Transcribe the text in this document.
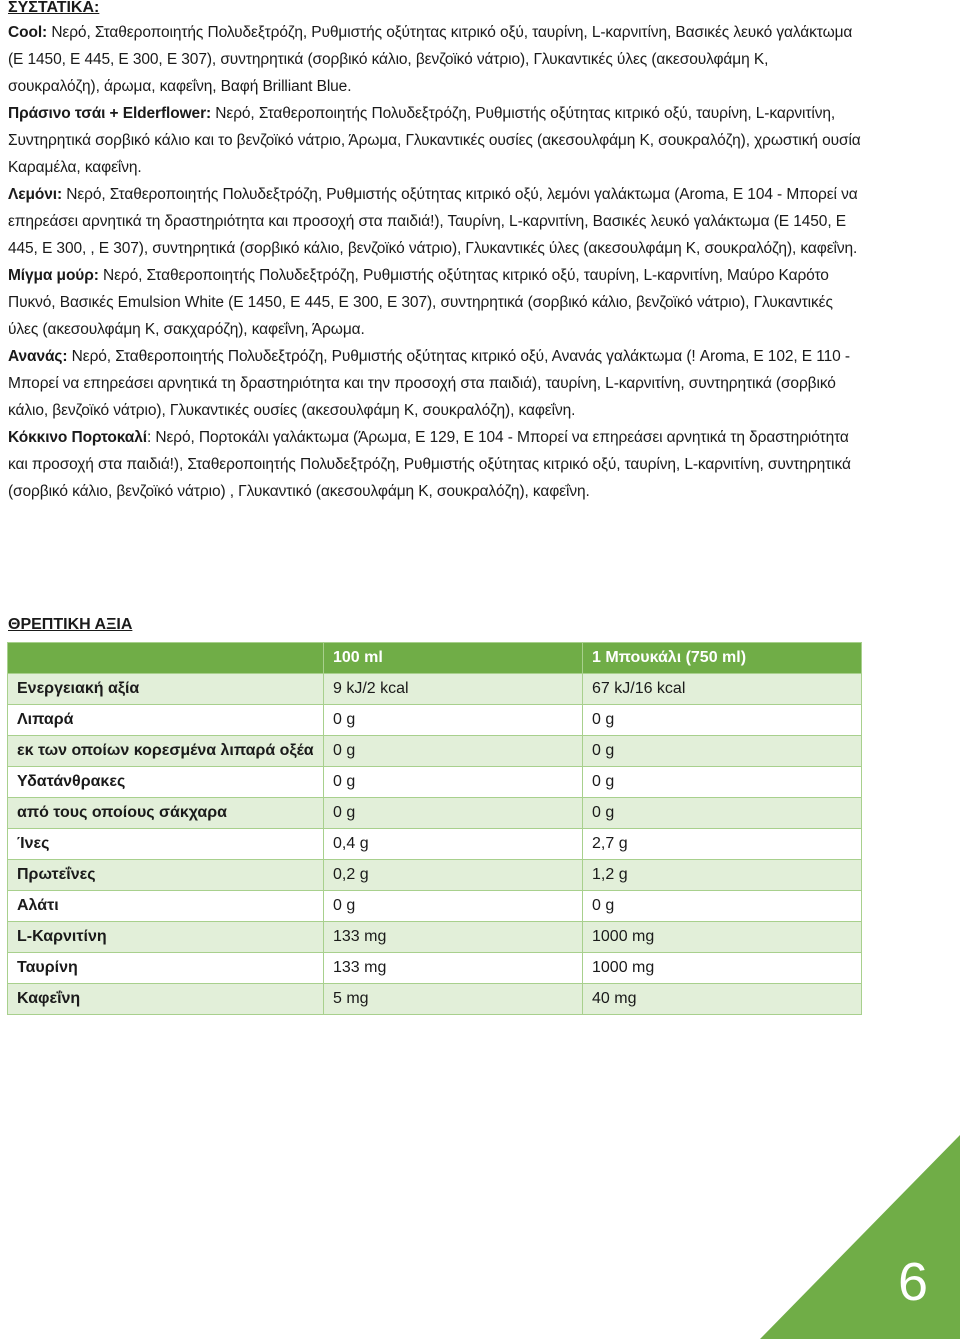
ΣΥΣΤΑΤΙΚΑ:

Cool: Νερό, Σταθεροποιητής Πολυδεξτρόζη, Ρυθμιστής οξύτητας κιτρικό οξύ, ταυρίνη, L-καρνιτίνη, Βασικές λευκό γαλάκτωμα (E 1450, E 445, E 300, E 307), συντηρητικά (σορβικό κάλιο, βενζοϊκό νάτριο), Γλυκαντικές ύλες (ακεσουλφάμη Κ, σουκραλόζη), άρωμα, καφεΐνη, Βαφή Brilliant Blue.

Πράσινο τσάι + Elderflower: Νερό, Σταθεροποιητής Πολυδεξτρόζη, Ρυθμιστής οξύτητας κιτρικό οξύ, ταυρίνη, L-καρνιτίνη, Συντηρητικά σορβικό κάλιο και το βενζοϊκό νάτριο, Άρωμα, Γλυκαντικές ουσίες (ακεσουλφάμη Κ, σουκραλόζη), χρωστική ουσία Καραμέλα, καφεΐνη.

Λεμόνι: Νερό, Σταθεροποιητής Πολυδεξτρόζη, Ρυθμιστής οξύτητας κιτρικό οξύ, λεμόνι γαλάκτωμα (Aroma, E 104 - Μπορεί να επηρεάσει αρνητικά τη δραστηριότητα και προσοχή στα παιδιά!), Ταυρίνη, L-καρνιτίνη, Βασικές λευκό γαλάκτωμα (E 1450, E 445, E 300, , E 307), συντηρητικά (σορβικό κάλιο, βενζοϊκό νάτριο), Γλυκαντικές ύλες (ακεσουλφάμη Κ, σουκραλόζη), καφεΐνη.

Μίγμα μούρ: Νερό, Σταθεροποιητής Πολυδεξτρόζη, Ρυθμιστής οξύτητας κιτρικό οξύ, ταυρίνη, L-καρνιτίνη, Μαύρο Καρότο Πυκνό, Βασικές Emulsion White (E 1450, E 445, E 300, E 307), συντηρητικά (σορβικό κάλιο, βενζοϊκό νάτριο), Γλυκαντικές ύλες (ακεσουλφάμη Κ, σακχαρόζη), καφεΐνη, Άρωμα.

Ανανάς: Νερό, Σταθεροποιητής Πολυδεξτρόζη, Ρυθμιστής οξύτητας κιτρικό οξύ, Ανανάς γαλάκτωμα (! Aroma, E 102, E 110 - Μπορεί να επηρεάσει αρνητικά τη δραστηριότητα και την προσοχή στα παιδιά), ταυρίνη, L-καρνιτίνη, συντηρητικά (σορβικό κάλιο, βενζοϊκό νάτριο), Γλυκαντικές ουσίες (ακεσουλφάμη Κ, σουκραλόζη), καφεΐνη.

Κόκκινο Πορτοκαλί: Νερό, Πορτοκάλι γαλάκτωμα (Άρωμα, E 129, E 104 - Μπορεί να επηρεάσει αρνητικά τη δραστηριότητα και προσοχή στα παιδιά!), Σταθεροποιητής Πολυδεξτρόζη, Ρυθμιστής οξύτητας κιτρικό οξύ, ταυρίνη, L-καρνιτίνη, συντηρητικά (σορβικό κάλιο, βενζοϊκό νάτριο) , Γλυκαντικό (ακεσουλφάμη Κ, σουκραλόζη), καφεΐνη.

ΘΡΕΠΤΙΚΗ ΑΞΙΑ
	100 ml	1 Μπουκάλι (750 ml)
Ενεργειακή αξία	9 kJ/2 kcal	67 kJ/16 kcal
Λιπαρά	0 g	0 g
εκ των οποίων κορεσμένα λιπαρά οξέα	0 g	0 g
Υδατάνθρακες	0 g	0 g
από τους οποίους σάκχαρα	0 g	0 g
Ίνες	0,4 g	2,7 g
Πρωτεΐνες	0,2 g	1,2 g
Αλάτι	0 g	0 g
L-Καρνιτίνη	133 mg	1000 mg
Ταυρίνη	133 mg	1000 mg
Καφεΐνη	5 mg	40 mg
6
